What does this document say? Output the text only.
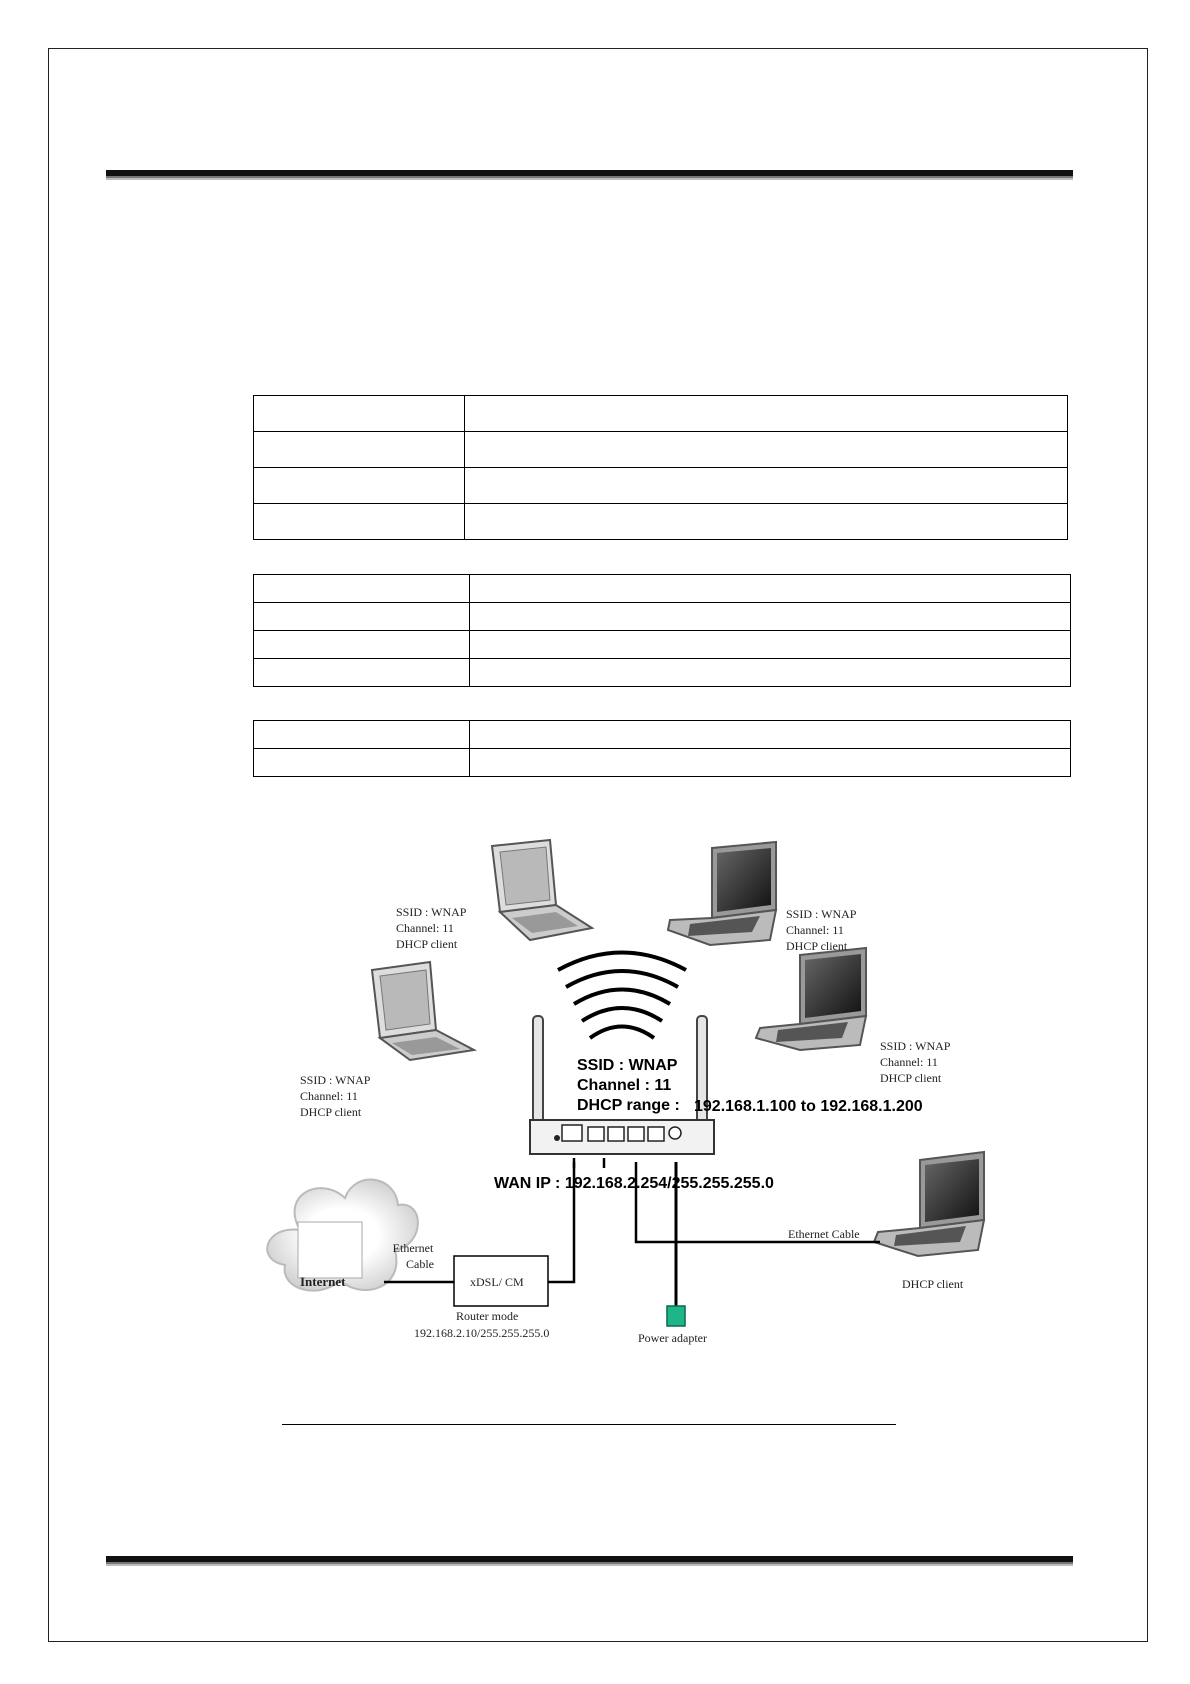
SSID : WNAP
Channel: 11
DHCP client
SSID : WNAP
Channel: 11
DHCP client
SSID : WNAP
Channel: 11
DHCP client
SSID : WNAP
Channel: 11
DHCP client
SSID : WNAP
Channel : 11
DHCP range : 192.168.1.100 to 192.168.1.200
WAN IP : 192.168.2.254/255.255.255.0
Internet
Ethernet
Cable
xDSL/ CM
Router mode
192.168.2.10/255.255.255.0	Power adapter
Ethernet Cable
DHCP client
